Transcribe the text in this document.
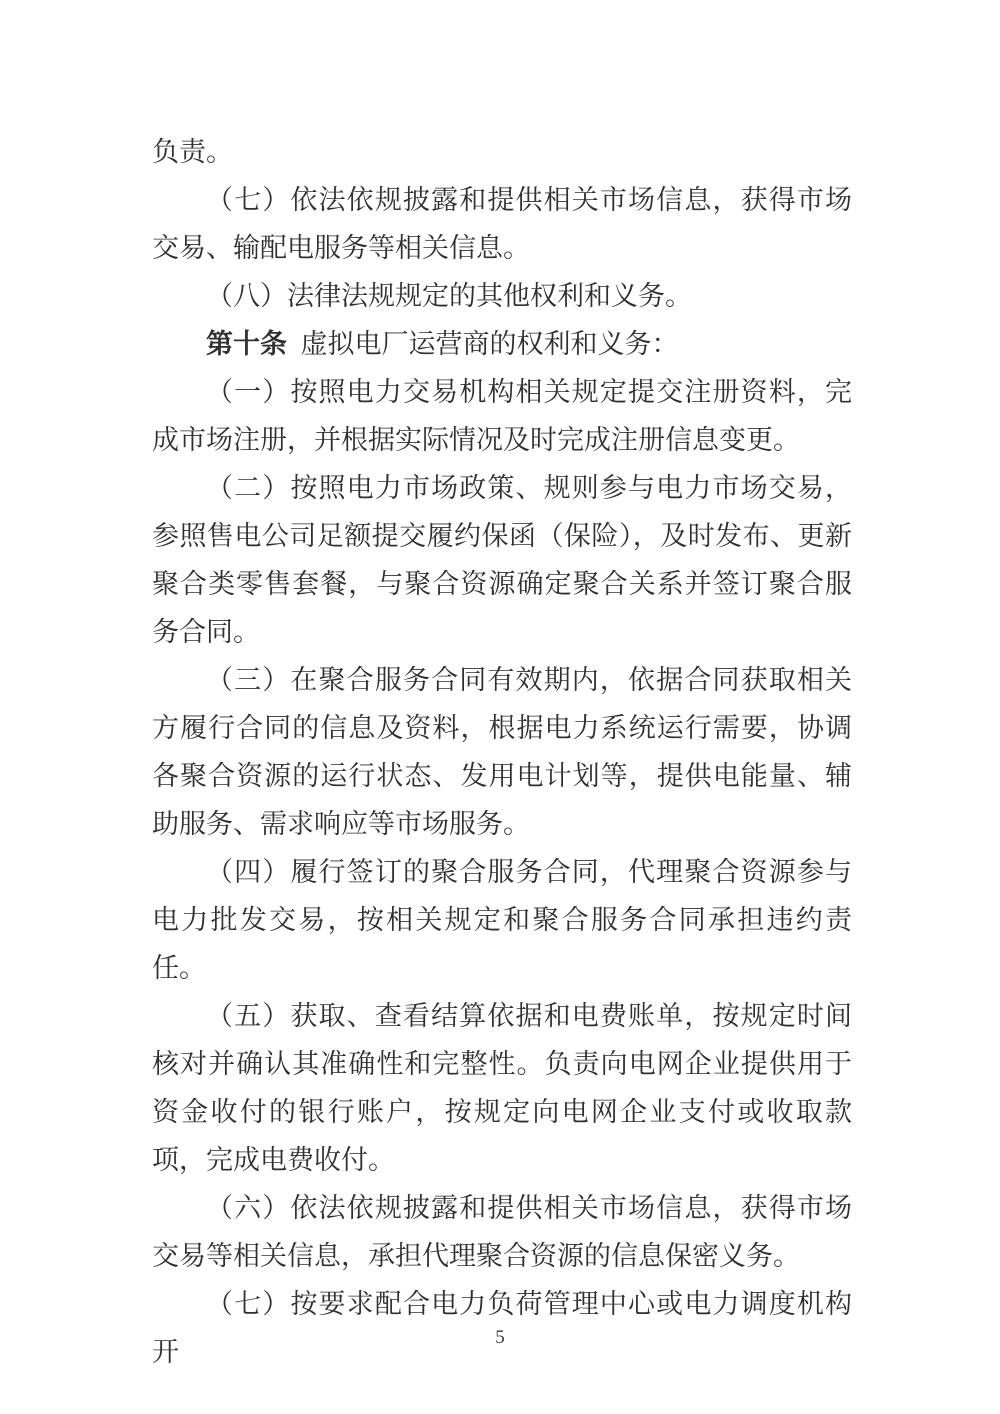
负责。

（七）依法依规披露和提供相关市场信息，获得市场交易、输配电服务等相关信息。

（八）法律法规规定的其他权利和义务。

第十条 虚拟电厂运营商的权利和义务：

（一）按照电力交易机构相关规定提交注册资料，完成市场注册，并根据实际情况及时完成注册信息变更。

（二）按照电力市场政策、规则参与电力市场交易，参照售电公司足额提交履约保函（保险），及时发布、更新聚合类零售套餐，与聚合资源确定聚合关系并签订聚合服务合同。

（三）在聚合服务合同有效期内，依据合同获取相关方履行合同的信息及资料，根据电力系统运行需要，协调各聚合资源的运行状态、发用电计划等，提供电能量、辅助服务、需求响应等市场服务。

（四）履行签订的聚合服务合同，代理聚合资源参与电力批发交易，按相关规定和聚合服务合同承担违约责任。

（五）获取、查看结算依据和电费账单，按规定时间核对并确认其准确性和完整性。负责向电网企业提供用于资金收付的银行账户，按规定向电网企业支付或收取款项，完成电费收付。

（六）依法依规披露和提供相关市场信息，获得市场交易等相关信息，承担代理聚合资源的信息保密义务。

（七）按要求配合电力负荷管理中心或电力调度机构开	5
